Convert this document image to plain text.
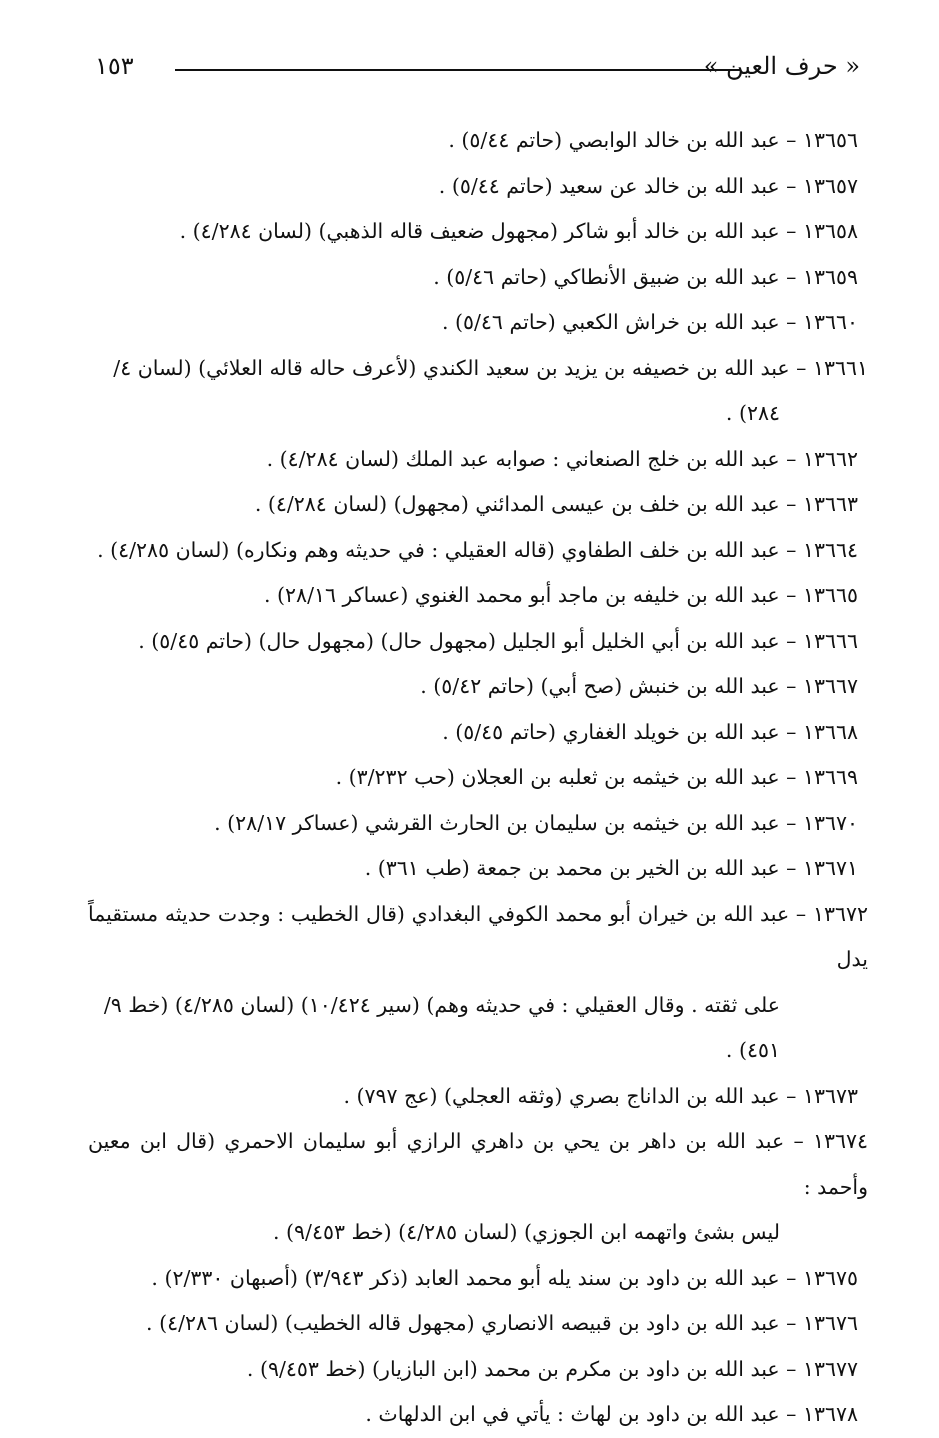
« حرف العين »
١٥٣
١٣٦٥٦ – عبد الله بن خالد الوابصي (حاتم ٥/٤٤) .
١٣٦٥٧ – عبد الله بن خالد عن سعيد (حاتم ٥/٤٤) .
١٣٦٥٨ – عبد الله بن خالد أبو شاكر (مجهول ضعيف قاله الذهبي) (لسان ٤/٢٨٤) .
١٣٦٥٩ – عبد الله بن ضبيق الأنطاكي (حاتم ٥/٤٦) .
١٣٦٦٠ – عبد الله بن خراش الكعبي (حاتم ٥/٤٦) .
١٣٦٦١ – عبد الله بن خصيفه بن يزيد بن سعيد الكندي (لأعرف حاله قاله العلائي) (لسان ٤/
٢٨٤) .
١٣٦٦٢ – عبد الله بن خلج الصنعاني : صوابه عبد الملك (لسان ٤/٢٨٤) .
١٣٦٦٣ – عبد الله بن خلف بن عيسى المدائني (مجهول) (لسان ٤/٢٨٤) .
١٣٦٦٤ – عبد الله بن خلف الطفاوي (قاله العقيلي : في حديثه وهم ونكاره) (لسان ٤/٢٨٥) .
١٣٦٦٥ – عبد الله بن خليفه بن ماجد أبو محمد الغنوي (عساكر ٢٨/١٦) .
١٣٦٦٦ – عبد الله بن أبي الخليل أبو الجليل (مجهول حال) (مجهول حال) (حاتم ٥/٤٥) .
١٣٦٦٧ – عبد الله بن خنبش (صح أبي) (حاتم ٥/٤٢) .
١٣٦٦٨ – عبد الله بن خويلد الغفاري (حاتم ٥/٤٥) .
١٣٦٦٩ – عبد الله بن خيثمه بن ثعلبه بن العجلان (حب ٣/٢٣٢) .
١٣٦٧٠ – عبد الله بن خيثمه بن سليمان بن الحارث القرشي (عساكر ٢٨/١٧) .
١٣٦٧١ – عبد الله بن الخير بن محمد بن جمعة (طب ٣٦١) .
١٣٦٧٢ – عبد الله بن خيران أبو محمد الكوفي البغدادي (قال الخطيب : وجدت حديثه مستقيماً يدل
على ثقته . وقال العقيلي : في حديثه وهم) (سير ١٠/٤٢٤) (لسان ٤/٢٨٥) (خط ٩/
٤٥١) .
١٣٦٧٣ – عبد الله بن الداناج بصري (وثقه العجلي) (عج ٧٩٧) .
١٣٦٧٤ – عبد الله بن داهر بن يحي بن داهري الرازي أبو سليمان الاحمري (قال ابن معين وأحمد :
ليس بشئ واتهمه ابن الجوزي) (لسان ٤/٢٨٥) (خط ٩/٤٥٣) .
١٣٦٧٥ – عبد الله بن داود بن سند يله أبو محمد العابد (ذكر ٣/٩٤٣) (أصبهان ٢/٣٣٠) .
١٣٦٧٦ – عبد الله بن داود بن قبيصه الانصاري (مجهول قاله الخطيب) (لسان ٤/٢٨٦) .
١٣٦٧٧ – عبد الله بن داود بن مكرم بن محمد (ابن البازيار) (خط ٩/٤٥٣) .
١٣٦٧٨ – عبد الله بن داود بن لهاث : يأتي في ابن الدلهاث .
